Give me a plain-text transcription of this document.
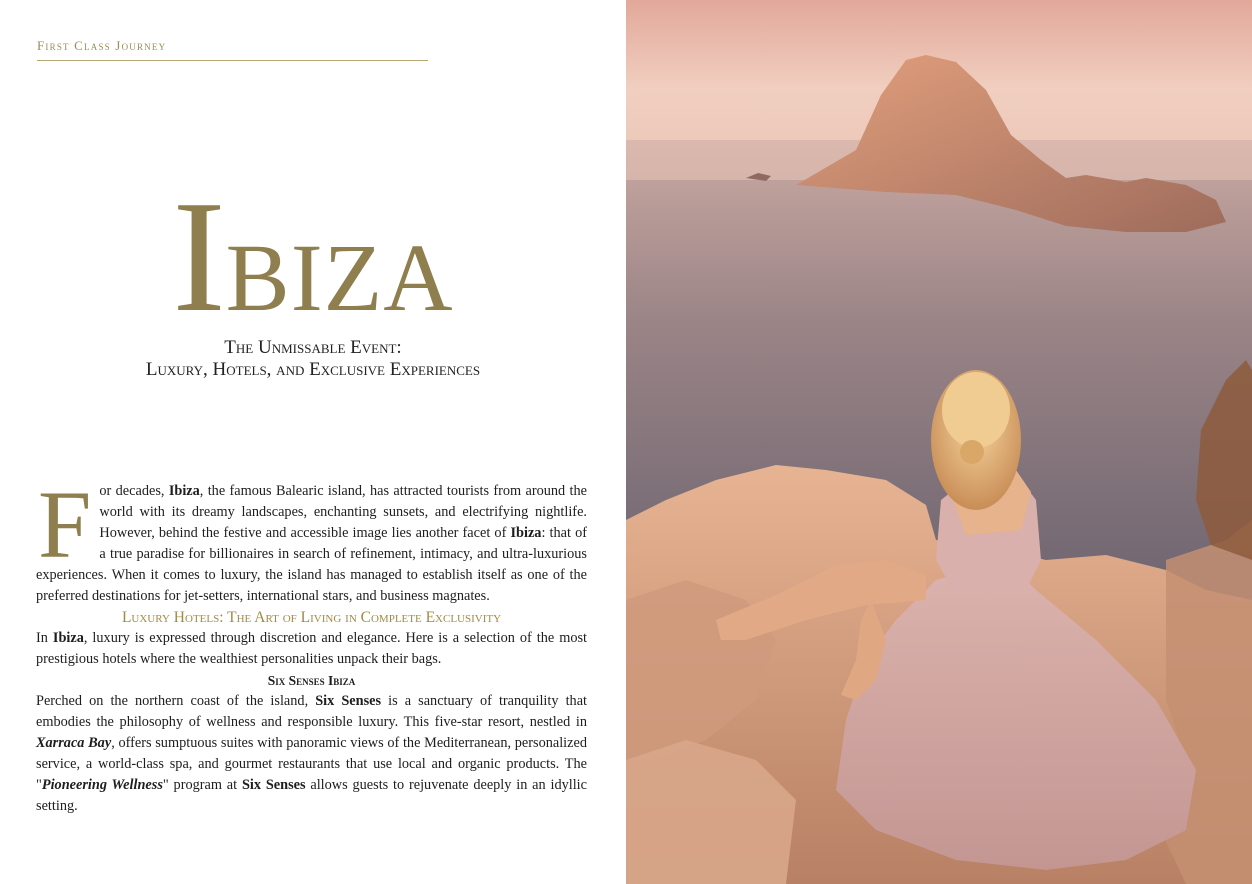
First Class Journey
IBIZA
The Unmissable Event:
Luxury, Hotels, and Exclusive Experiences

For decades, Ibiza, the famous Balearic island, has attracted tourists from around the world with its dreamy landscapes, enchanting sunsets, and electrifying nightlife. However, behind the festive and accessible image lies another facet of Ibiza: that of a true paradise for billionaires in search of refinement, intimacy, and ultra-luxurious experiences. When it comes to luxury, the island has managed to establish itself as one of the preferred destinations for jet-setters, international stars, and business magnates.

Luxury Hotels: The Art of Living in Complete Exclusivity

In Ibiza, luxury is expressed through discretion and elegance. Here is a selection of the most prestigious hotels where the wealthiest personalities unpack their bags.

Six Senses Ibiza

Perched on the northern coast of the island, Six Senses is a sanctuary of tranquility that embodies the philosophy of wellness and responsible luxury. This five-star resort, nestled in Xarraca Bay, offers sumptuous suites with panoramic views of the Mediterranean, personalized service, a world-class spa, and gourmet restaurants that use local and organic products. The "Pioneering Wellness" program at Six Senses allows guests to rejuvenate deeply in an idyllic setting.
